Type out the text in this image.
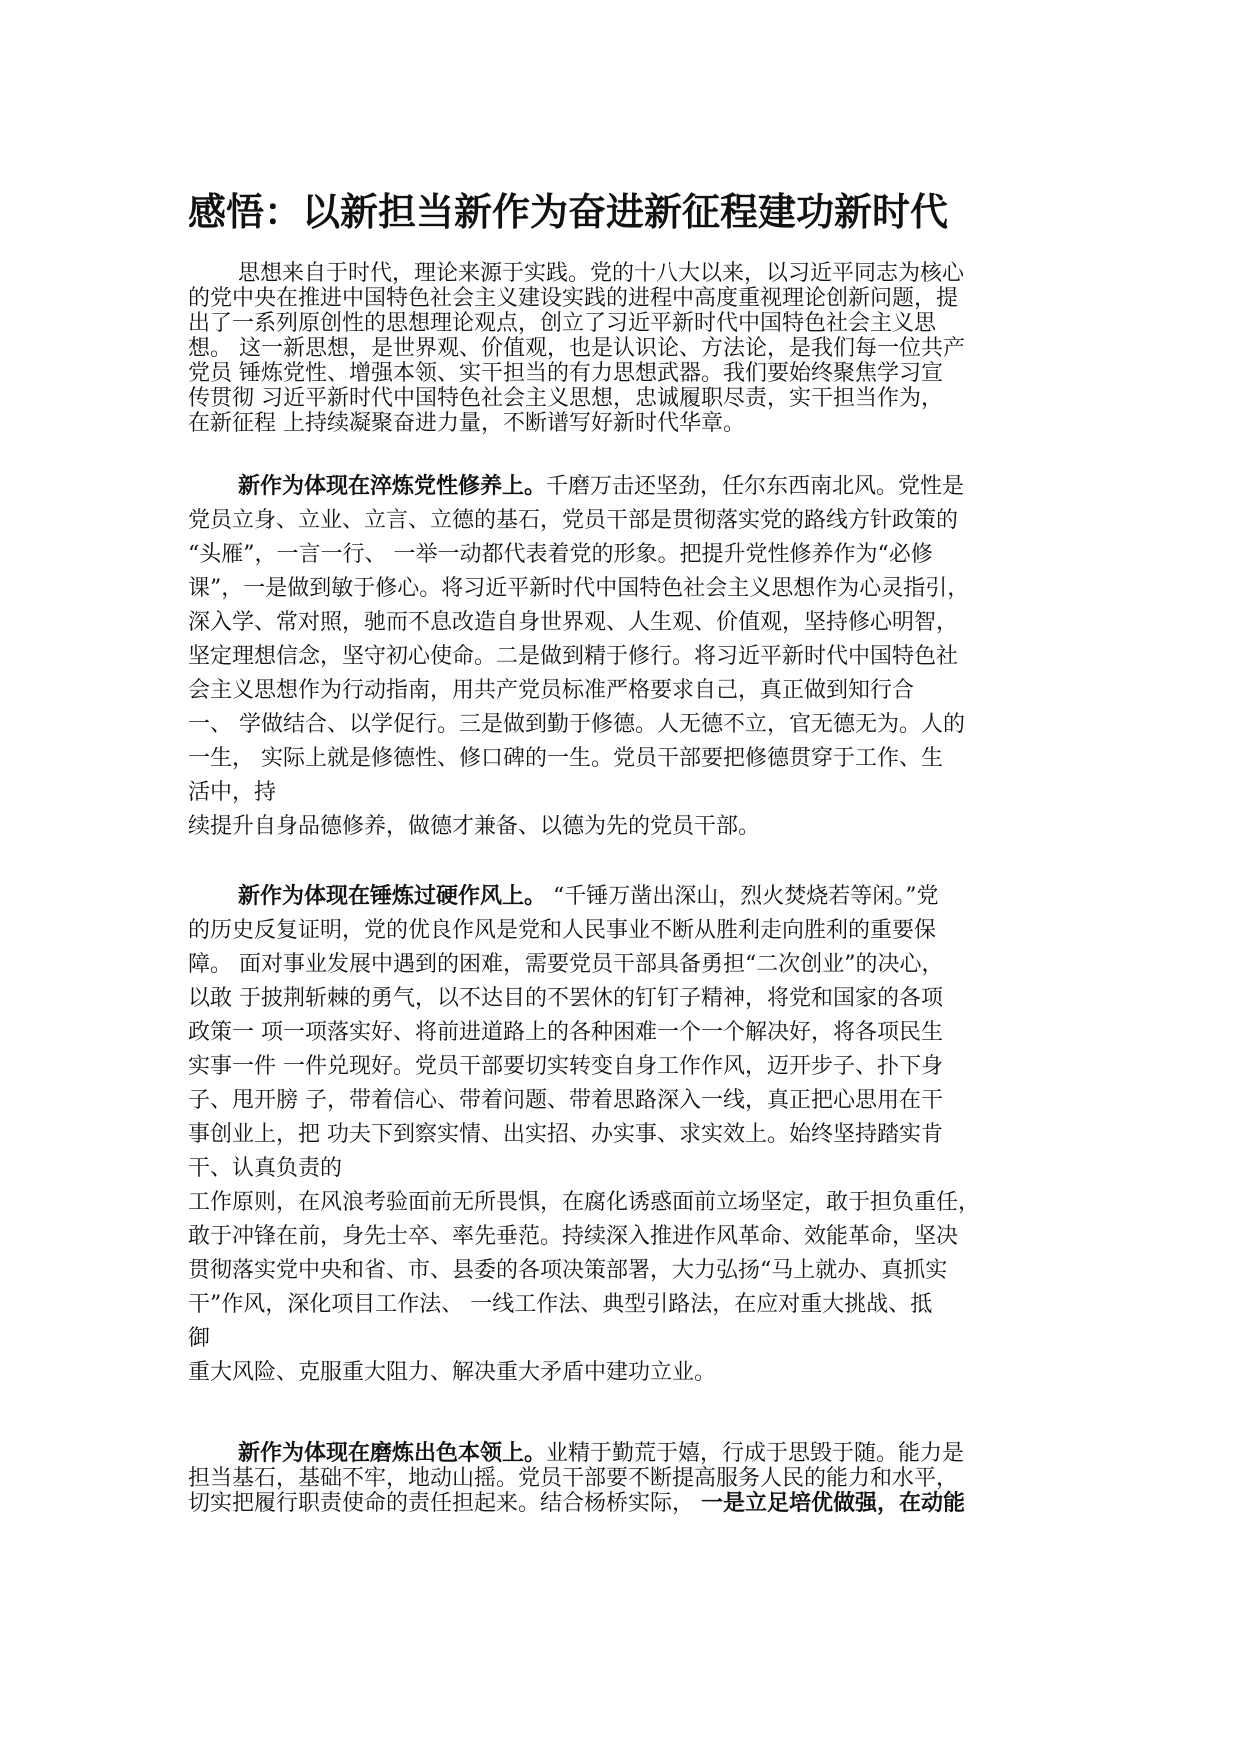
感悟：以新担当新作为奋进新征程建功新时代
思想来自于时代，理论来源于实践。党的十八大以来，以习近平同志为核心
的党中央在推进中国特色社会主义建设实践的进程中高度重视理论创新问题，提
出了一系列原创性的思想理论观点，创立了习近平新时代中国特色社会主义思
想。 这一新思想，是世界观、价值观，也是认识论、方法论，是我们每一位共产
党员 锤炼党性、增强本领、实干担当的有力思想武器。我们要始终聚焦学习宣
传贯彻 习近平新时代中国特色社会主义思想，忠诚履职尽责，实干担当作为，
在新征程 上持续凝聚奋进力量，不断谱写好新时代华章。
新作为体现在淬炼党性修养上。千磨万击还坚劲，任尔东西南北风。党性是
党员立身、立业、立言、立德的基石，党员干部是贯彻落实党的路线方针政策的
“头雁”，一言一行、 一举一动都代表着党的形象。把提升党性修养作为“必修
课”，一是做到敏于修心。将习近平新时代中国特色社会主义思想作为心灵指引，
深入学、常对照，驰而不息改造自身世界观、人生观、价值观，坚持修心明智，
坚定理想信念，坚守初心使命。二是做到精于修行。将习近平新时代中国特色社
会主义思想作为行动指南，用共产党员标准严格要求自己，真正做到知行合
一、 学做结合、以学促行。三是做到勤于修德。人无德不立，官无德无为。人的
一生， 实际上就是修德性、修口碑的一生。党员干部要把修德贯穿于工作、生
活中，持
续提升自身品德修养，做德才兼备、以德为先的党员干部。
新作为体现在锤炼过硬作风上。 “千锤万凿出深山，烈火焚烧若等闲。”党
的历史反复证明，党的优良作风是党和人民事业不断从胜利走向胜利的重要保
障。 面对事业发展中遇到的困难，需要党员干部具备勇担“二次创业”的决心，
以敢 于披荆斩棘的勇气，以不达目的不罢休的钉钉子精神，将党和国家的各项
政策一 项一项落实好、将前进道路上的各种困难一个一个解决好，将各项民生
实事一件 一件兑现好。党员干部要切实转变自身工作作风，迈开步子、扑下身
子、甩开膀 子，带着信心、带着问题、带着思路深入一线，真正把心思用在干
事创业上，把 功夫下到察实情、出实招、办实事、求实效上。始终坚持踏实肯
干、认真负责的
工作原则，在风浪考验面前无所畏惧，在腐化诱惑面前立场坚定，敢于担负重任，
敢于冲锋在前，身先士卒、率先垂范。持续深入推进作风革命、效能革命，坚决
贯彻落实党中央和省、市、县委的各项决策部署，大力弘扬“马上就办、真抓实
干”作风，深化项目工作法、 一线工作法、典型引路法，在应对重大挑战、抵
御
重大风险、克服重大阻力、解决重大矛盾中建功立业。
新作为体现在磨炼出色本领上。业精于勤荒于嬉，行成于思毁于随。能力是
担当基石，基础不牢，地动山摇。党员干部要不断提高服务人民的能力和水平，
切实把履行职责使命的责任担起来。结合杨桥实际， 一是立足培优做强，在动能
